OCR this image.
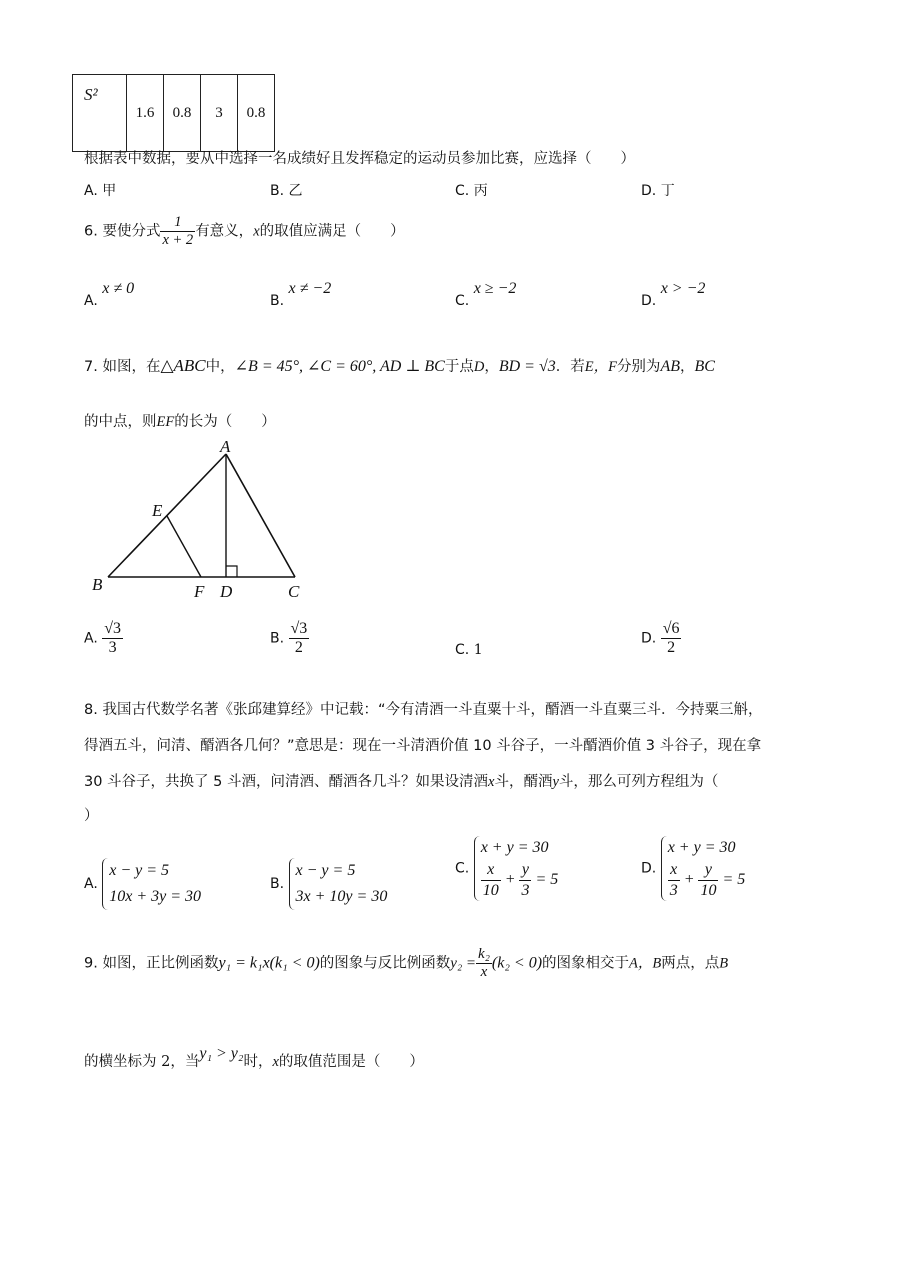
S²	1.6	0.8	3	0.8
根据表中数据，要从中选择一名成绩好且发挥稳定的运动员参加比赛，应选择（　　）
A. 甲	B. 乙	C. 丙	D. 丁
6. 要使分式 $\frac{1}{x + 2}$ 有意义，x的取值应满足（　　）
A. x ≠ 0
B. x ≠ −2
C. x ≥ −2
D. x > −2
7. 如图，在△ABC中，∠B = 45°, ∠C = 60°, AD ⊥ BC于点D，BD = √3．若E，F分别为AB，BC
的中点，则EF的长为（　　）
A
B	C
D
E
F
A. $\frac{√3}{3}$	B. $\frac{√3}{2}$	C. 1
D. $\frac{√6}{2}$
8. 我国古代数学名著《张邱建算经》中记载：“今有清酒一斗直粟十斗，醑酒一斗直粟三斗．今持粟三斛，
得酒五斗，问清、醑酒各几何？”意思是：现在一斗清酒价值 10 斗谷子，一斗醑酒价值 3 斗谷子，现在拿
30 斗谷子，共换了 5 斗酒，问清酒、醑酒各几斗？如果设清酒x斗，醑酒y斗，那么可列方程组为（
）
A.
x − y = 5
10x + 3y = 30
B.
x − y = 5
3x + 10y = 30
C.
x + y = 30
$\frac{x}{10} + \frac{y}{3} = 5$
D.
x + y = 30
$\frac{x}{3} + \frac{y}{10} = 5$
9. 如图，正比例函数y₁ = k₁x(k₁ < 0)的图象与反比例函数$y_2 = \frac{\text{k₂}}{x} (k_2 < 0)$的图象相交于A，B两点，点B
的横坐标为 2，当y₁ > y₂时，x的取值范围是（　　）
